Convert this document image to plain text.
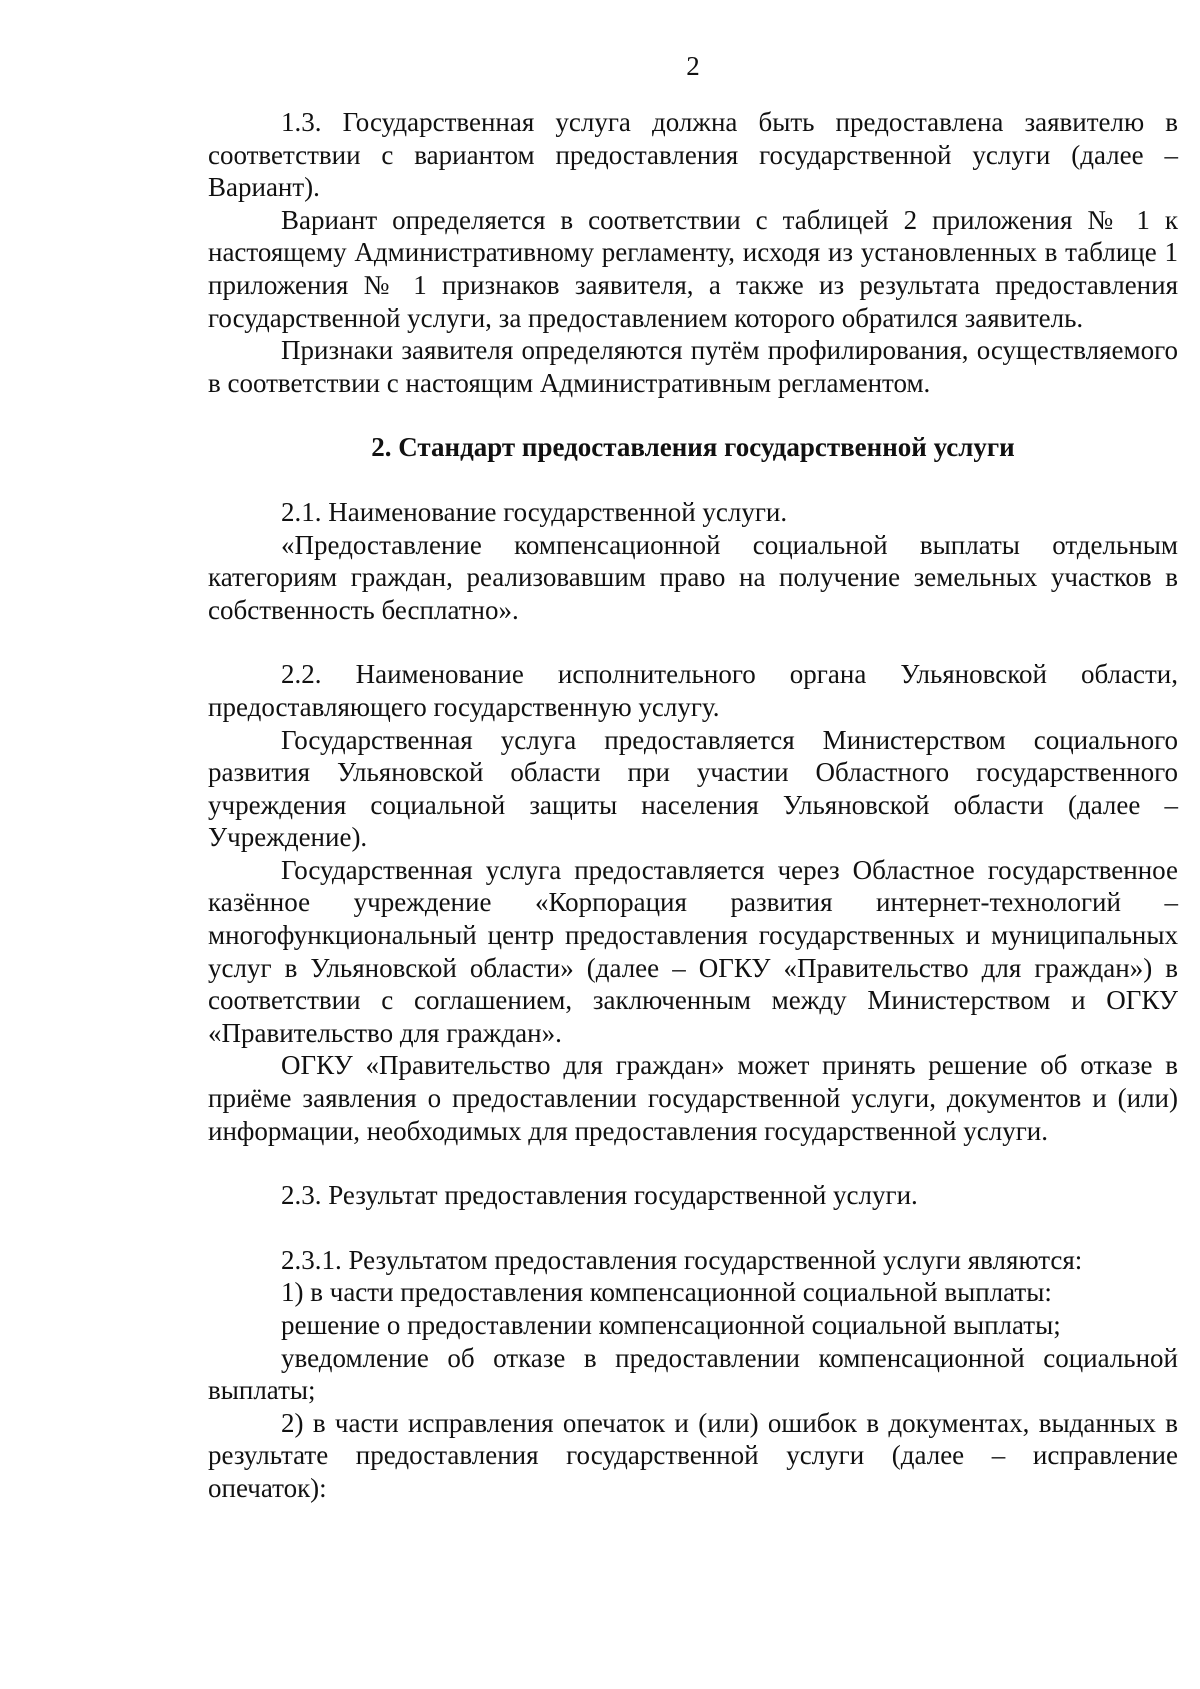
2

1.3. Государственная услуга должна быть предоставлена заявителю в соответствии с вариантом предоставления государственной услуги (далее – Вариант).

Вариант определяется в соответствии с таблицей 2 приложения № 1 к настоящему Административному регламенту, исходя из установленных в таблице 1 приложения № 1 признаков заявителя, а также из результата предоставления государственной услуги, за предоставлением которого обратился заявитель.

Признаки заявителя определяются путём профилирования, осуществляемого в соответствии с настоящим Административным регламентом.

2. Стандарт предоставления государственной услуги

2.1. Наименование государственной услуги.

«Предоставление компенсационной социальной выплаты отдельным категориям граждан, реализовавшим право на получение земельных участков в собственность бесплатно».

2.2. Наименование исполнительного органа Ульяновской области, предоставляющего государственную услугу.

Государственная услуга предоставляется Министерством социального развития Ульяновской области при участии Областного государственного учреждения социальной защиты населения Ульяновской области (далее – Учреждение).

Государственная услуга предоставляется через Областное государственное казённое учреждение «Корпорация развития интернет-технологий – многофункциональный центр предоставления государственных и муниципальных услуг в Ульяновской области» (далее – ОГКУ «Правительство для граждан») в соответствии с соглашением, заключенным между Министерством и ОГКУ «Правительство для граждан».

ОГКУ «Правительство для граждан» может принять решение об отказе в приёме заявления о предоставлении государственной услуги, документов и (или) информации, необходимых для предоставления государственной услуги.

2.3. Результат предоставления государственной услуги.

2.3.1. Результатом предоставления государственной услуги являются:

1) в части предоставления компенсационной социальной выплаты:

решение о предоставлении компенсационной социальной выплаты;

уведомление об отказе в предоставлении компенсационной социальной выплаты;

2) в части исправления опечаток и (или) ошибок в документах, выданных в результате предоставления государственной услуги (далее – исправление опечаток):
